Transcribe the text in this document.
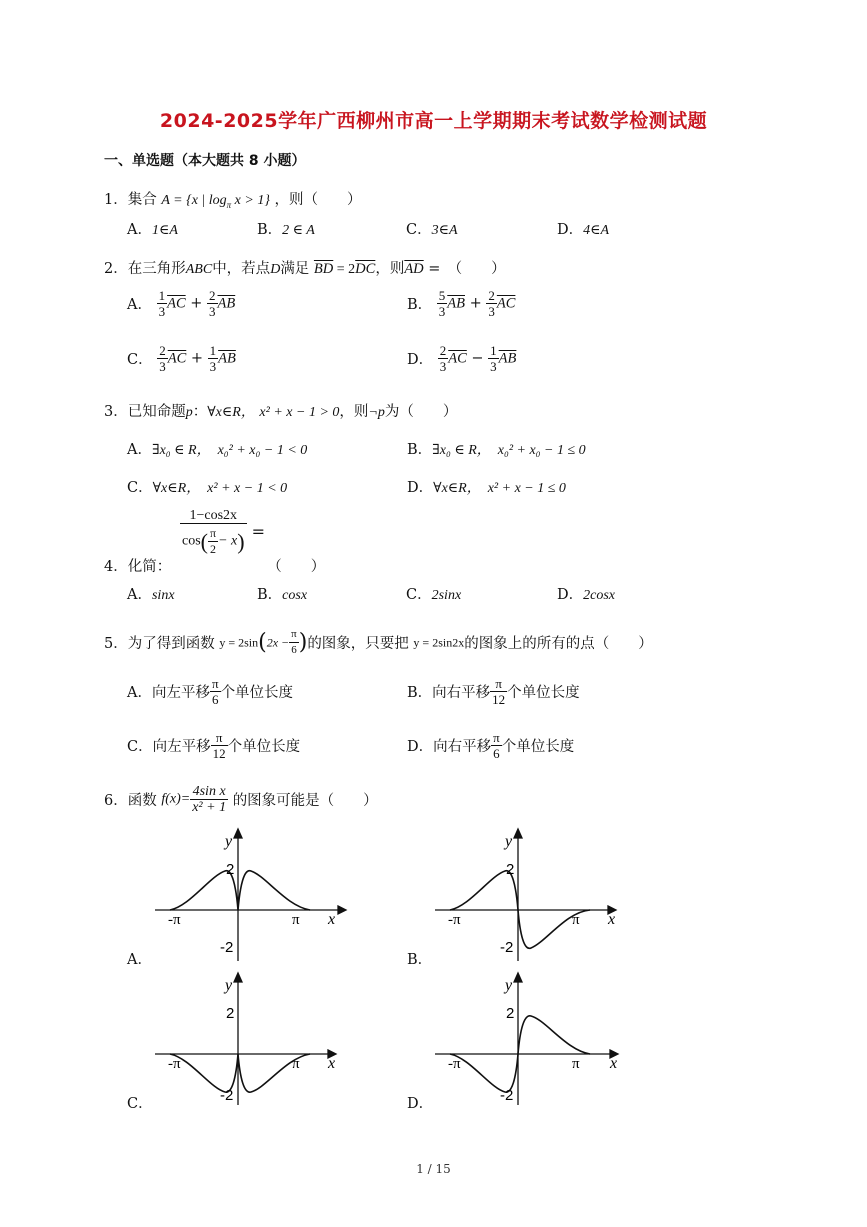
2024-2025学年广西柳州市高一上学期期末考试数学检测试题
一、单选题（本大题共 8 小题）
1．集合 A = {x | $\log_\pi x > 1$} ，则（　　）
A．1∈A	B．2 ∈ A	C．3∈A	D．4∈A
2．在三角形ABC中，若点D满足 $\overline{BD} = 2\overline{DC}$，则$\overline{AD}$ =　（　　）
A． $\frac{1}{3} \overline{AC} + \frac{2}{3} \overline{AB}$	B． $\frac{5}{3} \overline{AB} + \frac{2}{3} \overline{AC}$
C． $\frac{2}{3} \overline{AC} + \frac{1}{3} \overline{AB}$	D． $\frac{2}{3} \overline{AC} - \frac{1}{3} \overline{AB}$
3．已知命题p：∀x∈R， x² + x − 1 > 0，则¬p为（　　）
A．∃x₀ ∈ R，　x₀² + x₀ − 1 < 0	B．∃x₀ ∈ R，　x₀² + x₀ − 1 ≤ 0
C．∀x∈R，　x² + x − 1 < 0	D．∀x∈R，　x² + x − 1 ≤ 0
$\frac{1-\cos 2x}{\cos( \frac{\pi}{2} - x)}$ =
4．化简：	（　　）
A．sinx	B．cosx	C．2sinx	D．2cosx
5．为了得到函数 $y = 2\sin(2x - \frac{\pi}{6}$ )的图象，只要把 y = 2sin2x的图象上的所有的点（　　）
A．向左平移 $\frac{\pi}{6}$ 个单位长度	B．向右平移 $\frac{\pi}{12}$ 个单位长度
C．向左平移 $\frac{\pi}{12}$ 个单位长度	D．向右平移 $\frac{\pi}{6}$ 个单位长度
6．函数 $f(x)= \frac{\text{4sin x}}{\text{x² + 1}}$ 的图象可能是（　　）
y
x
2
-2
-π	π
A．
y
x
2
-2
-π	π
B．
y
x
2
-2
-π	π
C．
y
x
2
-2
-π	π
D．
1 / 15
